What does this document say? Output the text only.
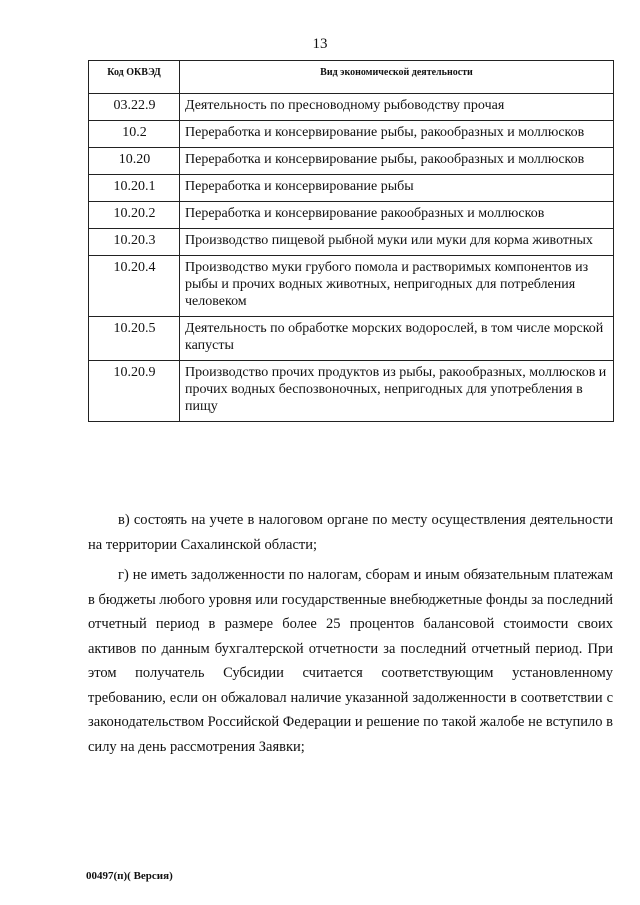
13
Код ОКВЭД	Вид экономической деятельности
03.22.9	Деятельность по пресноводному рыбоводству прочая
10.2	Переработка и консервирование рыбы, ракообразных и моллюсков
10.20	Переработка и консервирование рыбы, ракообразных и моллюсков
10.20.1	Переработка и консервирование рыбы
10.20.2	Переработка и консервирование ракообразных и моллюсков
10.20.3	Производство пищевой рыбной муки или муки для корма животных
10.20.4	Производство муки грубого помола и растворимых компонентов из рыбы и прочих водных животных, непригодных для потребления человеком
10.20.5	Деятельность по обработке морских водорослей, в том числе морской капусты
10.20.9	Производство прочих продуктов из рыбы, ракообразных, моллюсков и прочих водных беспозвоночных, непригодных для употребления в пищу

в) состоять на учете в налоговом органе по месту осуществления деятельности на территории Сахалинской области;

г) не иметь задолженности по налогам, сборам и иным обязательным платежам в бюджеты любого уровня или государственные внебюджетные фонды за последний отчетный период в размере более 25 процентов балансовой стоимости своих активов по данным бухгалтерской отчетности за последний отчетный период. При этом получатель Субсидии считается соответствующим установленному требованию, если он обжаловал наличие указанной задолженности в соответствии с законодательством Российской Федерации и решение по такой жалобе не вступило в силу на день рассмотрения Заявки;

00497(п)( Версия)
